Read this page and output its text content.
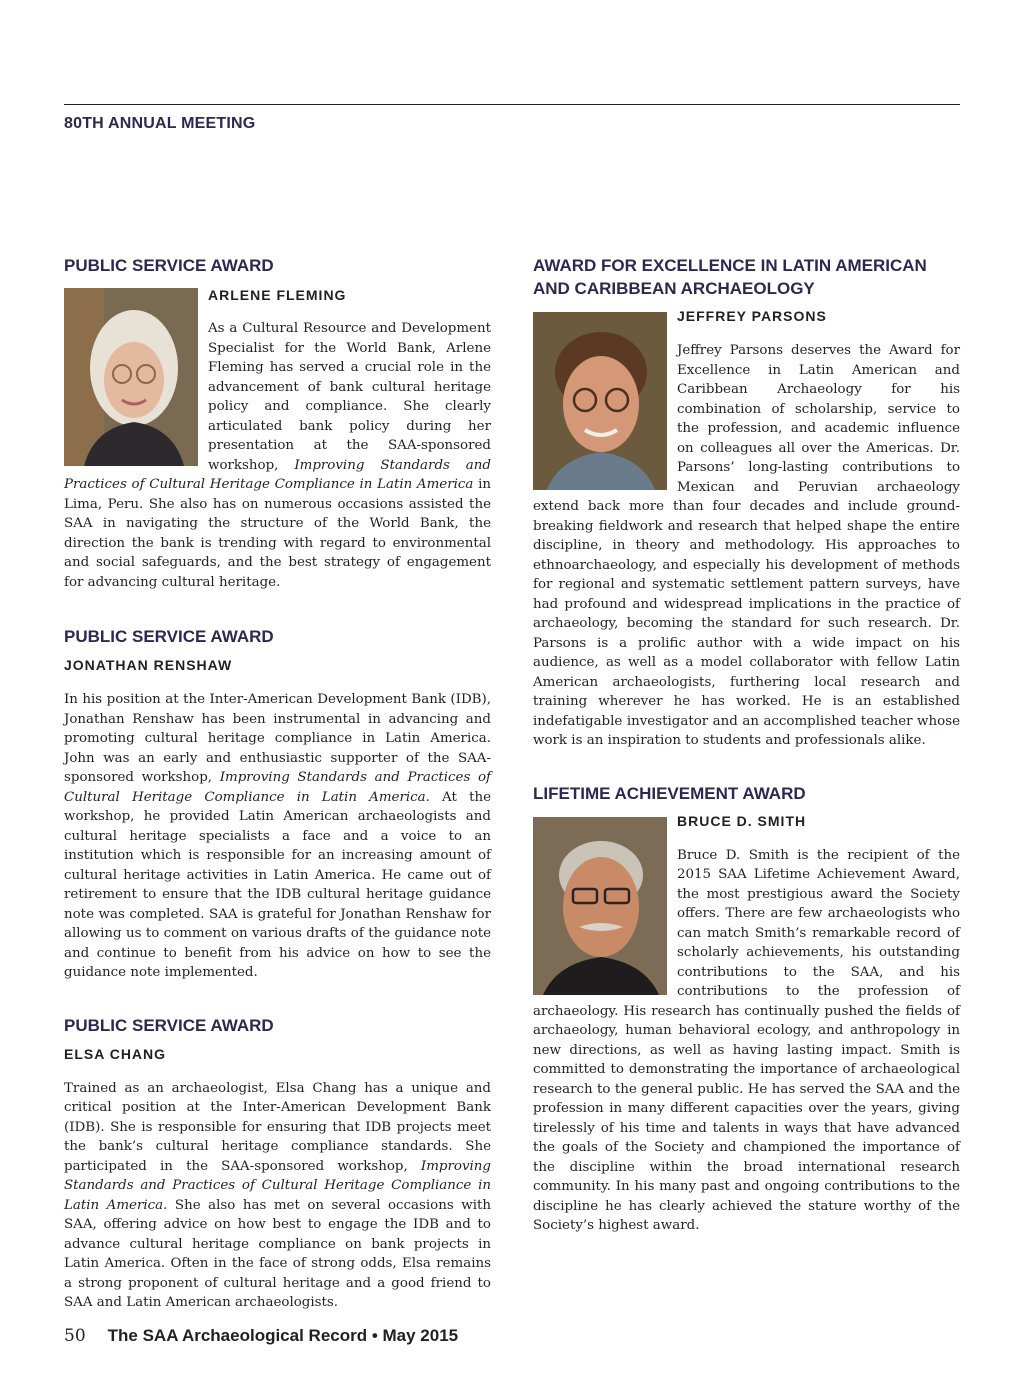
80TH ANNUAL MEETING
PUBLIC SERVICE AWARD

ARLENE FLEMING

As a Cultural Resource and Development Specialist for the World Bank, Arlene Fleming has served a crucial role in the advancement of bank cultural heritage policy and compliance. She clearly articulated bank policy during her presentation at the SAA-sponsored workshop, Improving Standards and Practices of Cultural Heritage Compliance in Latin America in Lima, Peru. She also has on numerous occasions assisted the SAA in navigating the structure of the World Bank, the direction the bank is trending with regard to environmental and social safeguards, and the best strategy of engagement for advancing cultural heritage.

PUBLIC SERVICE AWARD

JONATHAN RENSHAW

In his position at the Inter-American Development Bank (IDB), Jonathan Renshaw has been instrumental in advancing and promoting cultural heritage compliance in Latin America. John was an early and enthusiastic supporter of the SAA-sponsored workshop, Improving Standards and Practices of Cultural Heritage Compliance in Latin America. At the workshop, he provided Latin American archaeologists and cultural heritage specialists a face and a voice to an institution which is responsible for an increasing amount of cultural heritage activities in Latin America. He came out of retirement to ensure that the IDB cultural heritage guidance note was completed. SAA is grateful for Jonathan Renshaw for allowing us to comment on various drafts of the guidance note and continue to benefit from his advice on how to see the guidance note implemented.

PUBLIC SERVICE AWARD

ELSA CHANG

Trained as an archaeologist, Elsa Chang has a unique and critical position at the Inter-American Development Bank (IDB). She is responsible for ensuring that IDB projects meet the bank’s cultural heritage compliance standards. She participated in the SAA-sponsored workshop, Improving Standards and Practices of Cultural Heritage Compliance in Latin America. She also has met on several occasions with SAA, offering advice on how best to engage the IDB and to advance cultural heritage compliance on bank projects in Latin America. Often in the face of strong odds, Elsa remains a strong proponent of cultural heritage and a good friend to SAA and Latin American archaeologists.

AWARD FOR EXCELLENCE IN LATIN AMERICAN AND CARIBBEAN ARCHAEOLOGY

JEFFREY PARSONS

Jeffrey Parsons deserves the Award for Excellence in Latin American and Caribbean Archaeology for his combination of scholarship, service to the profession, and academic influence on colleagues all over the Americas. Dr. Parsons’ long-lasting contributions to Mexican and Peruvian archaeology extend back more than four decades and include ground-breaking fieldwork and research that helped shape the entire discipline, in theory and methodology. His approaches to ethnoarchaeology, and especially his development of methods for regional and systematic settlement pattern surveys, have had profound and widespread implications in the practice of archaeology, becoming the standard for such research. Dr. Parsons is a prolific author with a wide impact on his audience, as well as a model collaborator with fellow Latin American archaeologists, furthering local research and training wherever he has worked. He is an established indefatigable investigator and an accomplished teacher whose work is an inspiration to students and professionals alike.

LIFETIME ACHIEVEMENT AWARD

BRUCE D. SMITH

Bruce D. Smith is the recipient of the 2015 SAA Lifetime Achievement Award, the most prestigious award the Society offers. There are few archaeologists who can match Smith’s remarkable record of scholarly achievements, his outstanding contributions to the SAA, and his contributions to the profession of archaeology. His research has continually pushed the fields of archaeology, human behavioral ecology, and anthropology in new directions, as well as having lasting impact. Smith is committed to demonstrating the importance of archaeological research to the general public. He has served the SAA and the profession in many different capacities over the years, giving tirelessly of his time and talents in ways that have advanced the goals of the Society and championed the importance of the discipline within the broad international research community. In his many past and ongoing contributions to the discipline he has clearly achieved the stature worthy of the Society’s highest award.

50 The SAA Archaeological Record • May 2015
